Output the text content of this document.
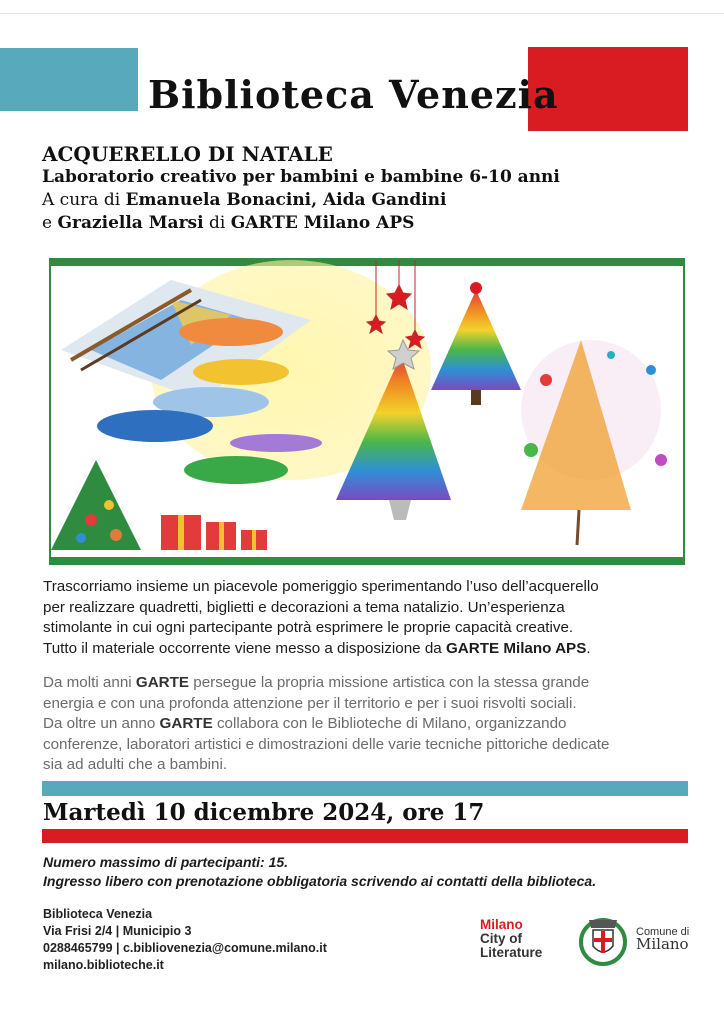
Biblioteca Venezia
ACQUERELLO DI NATALE
Laboratorio creativo per bambini e bambine 6-10 anni
A cura di Emanuela Bonacini, Aida Gandini
e Graziella Marsi di GARTE Milano APS

Trascorriamo insieme un piacevole pomeriggio sperimentando l’uso dell’acquerello

per realizzare quadretti, biglietti e decorazioni a tema natalizio. Un’esperienza

stimolante in cui ogni partecipante potrà esprimere le proprie capacità creative.

Tutto il materiale occorrente viene messo a disposizione da GARTE Milano APS.

Da molti anni GARTE persegue la propria missione artistica con la stessa grande

energia e con una profonda attenzione per il territorio e per i suoi risvolti sociali.

Da oltre un anno GARTE collabora con le Biblioteche di Milano, organizzando

conferenze, laboratori artistici e dimostrazioni delle varie tecniche pittoriche dedicate

sia ad adulti che a bambini.

Martedì 10 dicembre 2024, ore 17

Numero massimo di partecipanti: 15.

Ingresso libero con prenotazione obbligatoria scrivendo ai contatti della biblioteca.

Biblioteca Venezia

Via Frisi 2/4 | Municipio 3

0288465799 | c.bibliovenezia@comune.milano.it

milano.biblioteche.it

Milano
City of
Literature
Comune di
Milano
